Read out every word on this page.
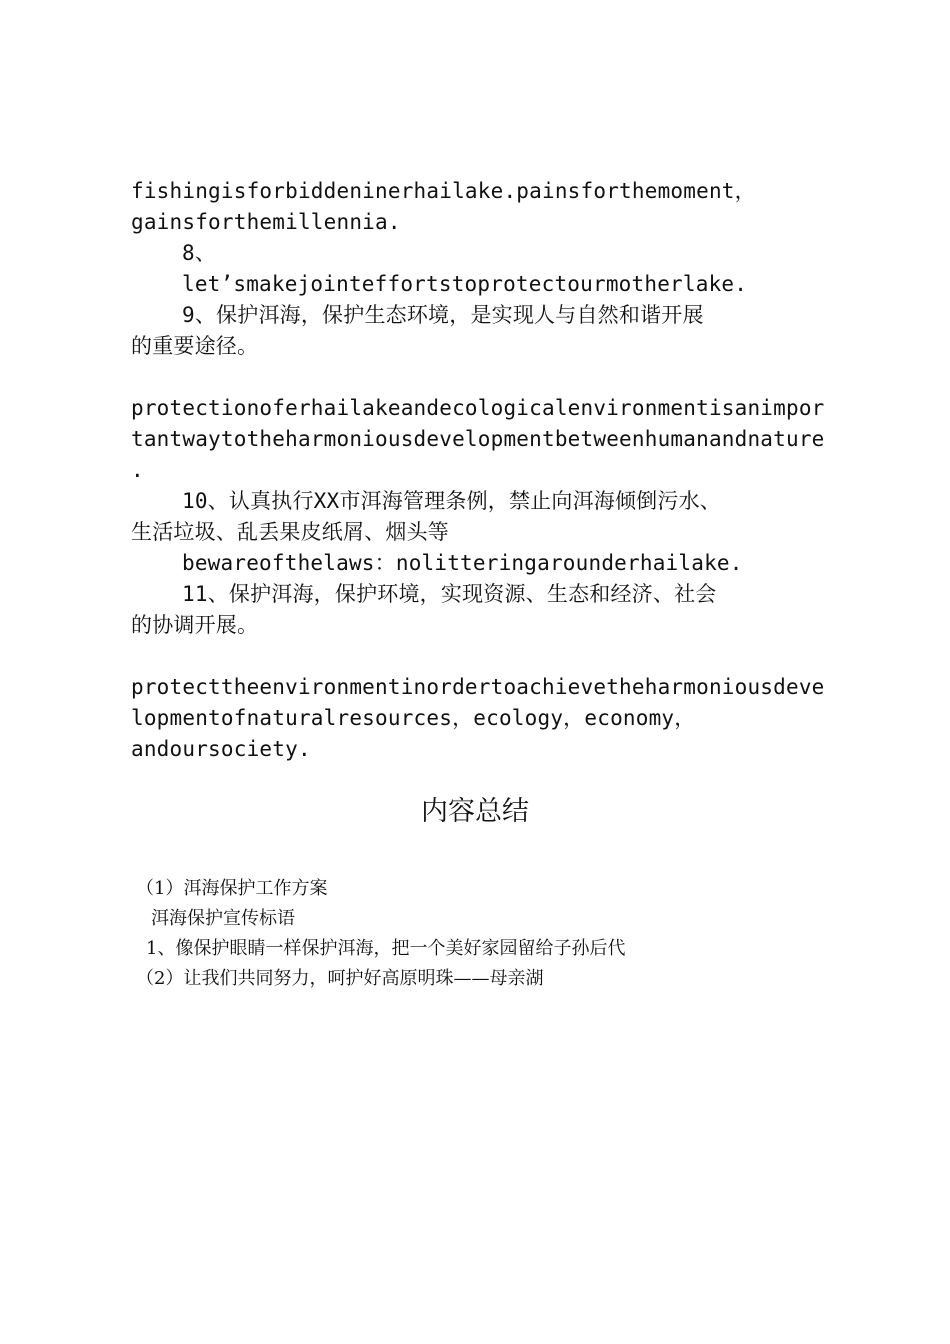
fishingisforbiddeninerhailake.painsforthemoment，
gainsforthemillennia.
8、
let’smakejointeffortstoprotectourmotherlake.
9、保护洱海，保护生态环境，是实现人与自然和谐开展
的重要途径。
protectionoferhailakeandecologicalenvironmentisanimpor
tantwaytotheharmoniousdevelopmentbetweenhumanandnature
.
10、认真执行XX市洱海管理条例，禁止向洱海倾倒污水、
生活垃圾、乱丢果皮纸屑、烟头等
bewareofthelaws：nolitteringarounderhailake.
11、保护洱海，保护环境，实现资源、生态和经济、社会
的协调开展。
protecttheenvironmentinordertoachievetheharmoniousdeve
lopmentofnaturalresources，ecology，economy，
andoursociety.
内容总结
（1）洱海保护工作方案
洱海保护宣传标语
1、像保护眼睛一样保护洱海，把一个美好家园留给子孙后代
（2）让我们共同努力，呵护好高原明珠——母亲湖
